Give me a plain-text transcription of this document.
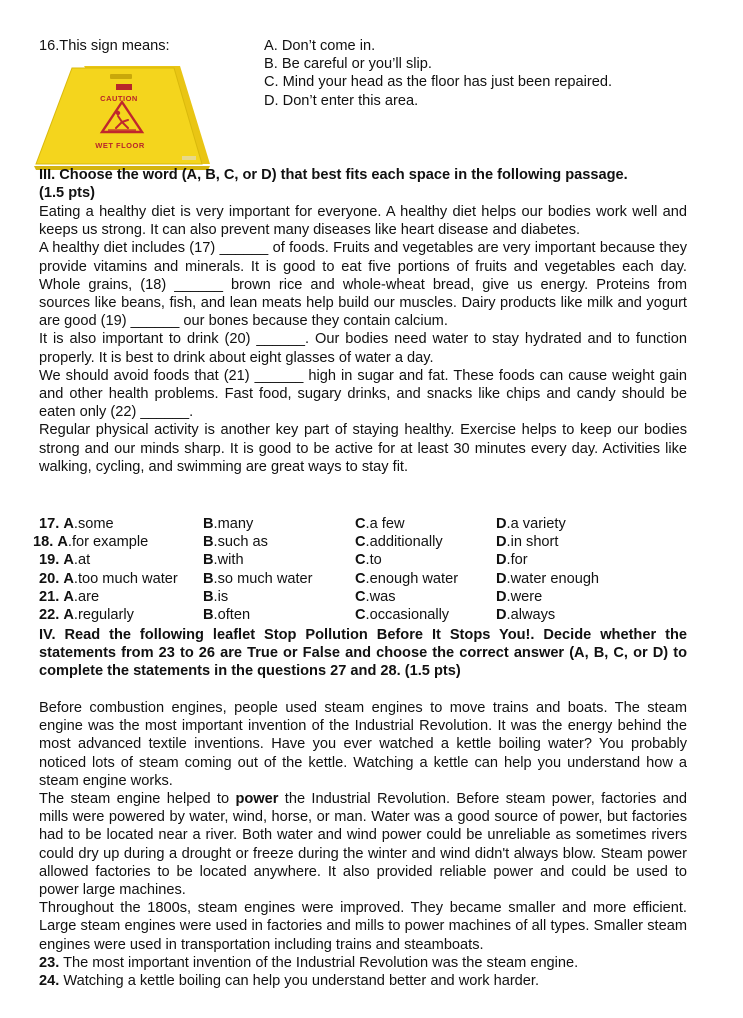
16.This sign means:	A. Don’t come in.
B. Be careful or you’ll slip.
C. Mind your head as the floor has just been repaired.
D. Don’t enter this area.
CAUTION
WET FLOOR
III. Choose the word (A, B, C, or D) that best fits each space in the following passage.
(1.5 pts)

Eating a healthy diet is very important for everyone. A healthy diet helps our bodies work well and keeps us strong. It can also prevent many diseases like heart disease and diabetes.

A healthy diet includes (17) ______ of foods. Fruits and vegetables are very important because they provide vitamins and minerals. It is good to eat five portions of fruits and vegetables each day. Whole grains, (18) ______ brown rice and whole-wheat bread, give us energy. Proteins from sources like beans, fish, and lean meats help build our muscles. Dairy products like milk and yogurt are good (19) ______ our bones because they contain calcium.

It is also important to drink (20) ______. Our bodies need water to stay hydrated and to function properly. It is best to drink about eight glasses of water a day.

We should avoid foods that (21) ______ high in sugar and fat. These foods can cause weight gain and other health problems. Fast food, sugary drinks, and snacks like chips and candy should be eaten only (22) ______.

Regular physical activity is another key part of staying healthy. Exercise helps to keep our bodies strong and our minds sharp. It is good to be active for at least 30 minutes every day. Activities like walking, cycling, and swimming are great ways to stay fit.

17. A. some	B. many	C. a few	D. a variety
18. A. for example	B. such as	C. additionally	D. in short
19. A. at	B. with	C. to	D. for
20. A. too much water B. so much water	C. enough water	D. water enough
21. A. are	B. is	C. was	D. were
22. A. regularly	B. often	C. occasionally	D. always
IV. Read the following leaflet Stop Pollution Before It Stops You!. Decide whether the statements from 23 to 26 are True or False and choose the correct answer (A, B, C, or D) to complete the statements in the questions 27 and 28. (1.5 pts)

Before combustion engines, people used steam engines to move trains and boats. The steam engine was the most important invention of the Industrial Revolution. It was the energy behind the most advanced textile inventions. Have you ever watched a kettle boiling water? You probably noticed lots of steam coming out of the kettle. Watching a kettle can help you understand how a steam engine works.

The steam engine helped to power the Industrial Revolution. Before steam power, factories and mills were powered by water, wind, horse, or man. Water was a good source of power, but factories had to be located near a river. Both water and wind power could be unreliable as sometimes rivers could dry up during a drought or freeze during the winter and wind didn't always blow. Steam power allowed factories to be located anywhere. It also provided reliable power and could be used to power large machines.

Throughout the 1800s, steam engines were improved. They became smaller and more efficient. Large steam engines were used in factories and mills to power machines of all types. Smaller steam engines were used in transportation including trains and steamboats.

23. The most important invention of the Industrial Revolution was the steam engine.

24. Watching a kettle boiling can help you understand better and work harder.
